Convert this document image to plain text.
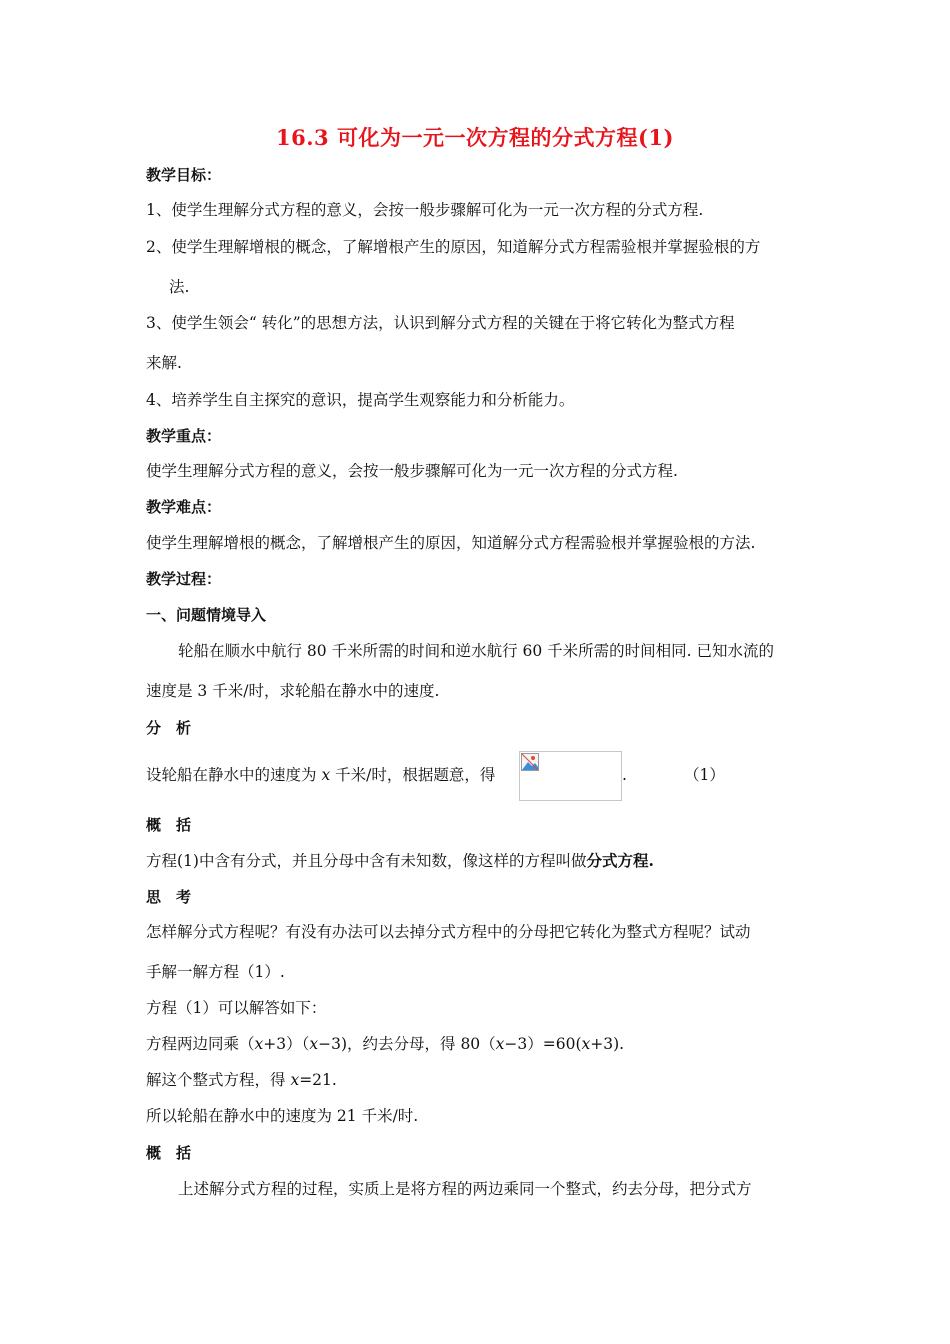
16.3 可化为一元一次方程的分式方程(1)
教学目标：
1、使学生理解分式方程的意义，会按一般步骤解可化为一元一次方程的分式方程.
2、使学生理解增根的概念，了解增根产生的原因，知道解分式方程需验根并掌握验根的方
法.
3、使学生领会“ 转化”的思想方法，认识到解分式方程的关键在于将它转化为整式方程
来解.
4、培养学生自主探究的意识，提高学生观察能力和分析能力。
教学重点：
使学生理解分式方程的意义，会按一般步骤解可化为一元一次方程的分式方程.
教学难点：
使学生理解增根的概念，了解增根产生的原因，知道解分式方程需验根并掌握验根的方法.
教学过程：
一、问题情境导入
轮船在顺水中航行 80 千米所需的时间和逆水航行 60 千米所需的时间相同. 已知水流的
速度是 3 千米/时，求轮船在静水中的速度.
分　析
设轮船在静水中的速度为 x 千米/时，根据题意，得	.	（1）
概　括
方程(1)中含有分式，并且分母中含有未知数，像这样的方程叫做分式方程.
思　考
怎样解分式方程呢？有没有办法可以去掉分式方程中的分母把它转化为整式方程呢？试动
手解一解方程（1）.
方程（1）可以解答如下：
方程两边同乘（x+3）（x−3)，约去分母，得 80（x−3）=60(x+3).
解这个整式方程，得 x=21.
所以轮船在静水中的速度为 21 千米/时.
概　括
上述解分式方程的过程，实质上是将方程的两边乘同一个整式，约去分母，把分式方
